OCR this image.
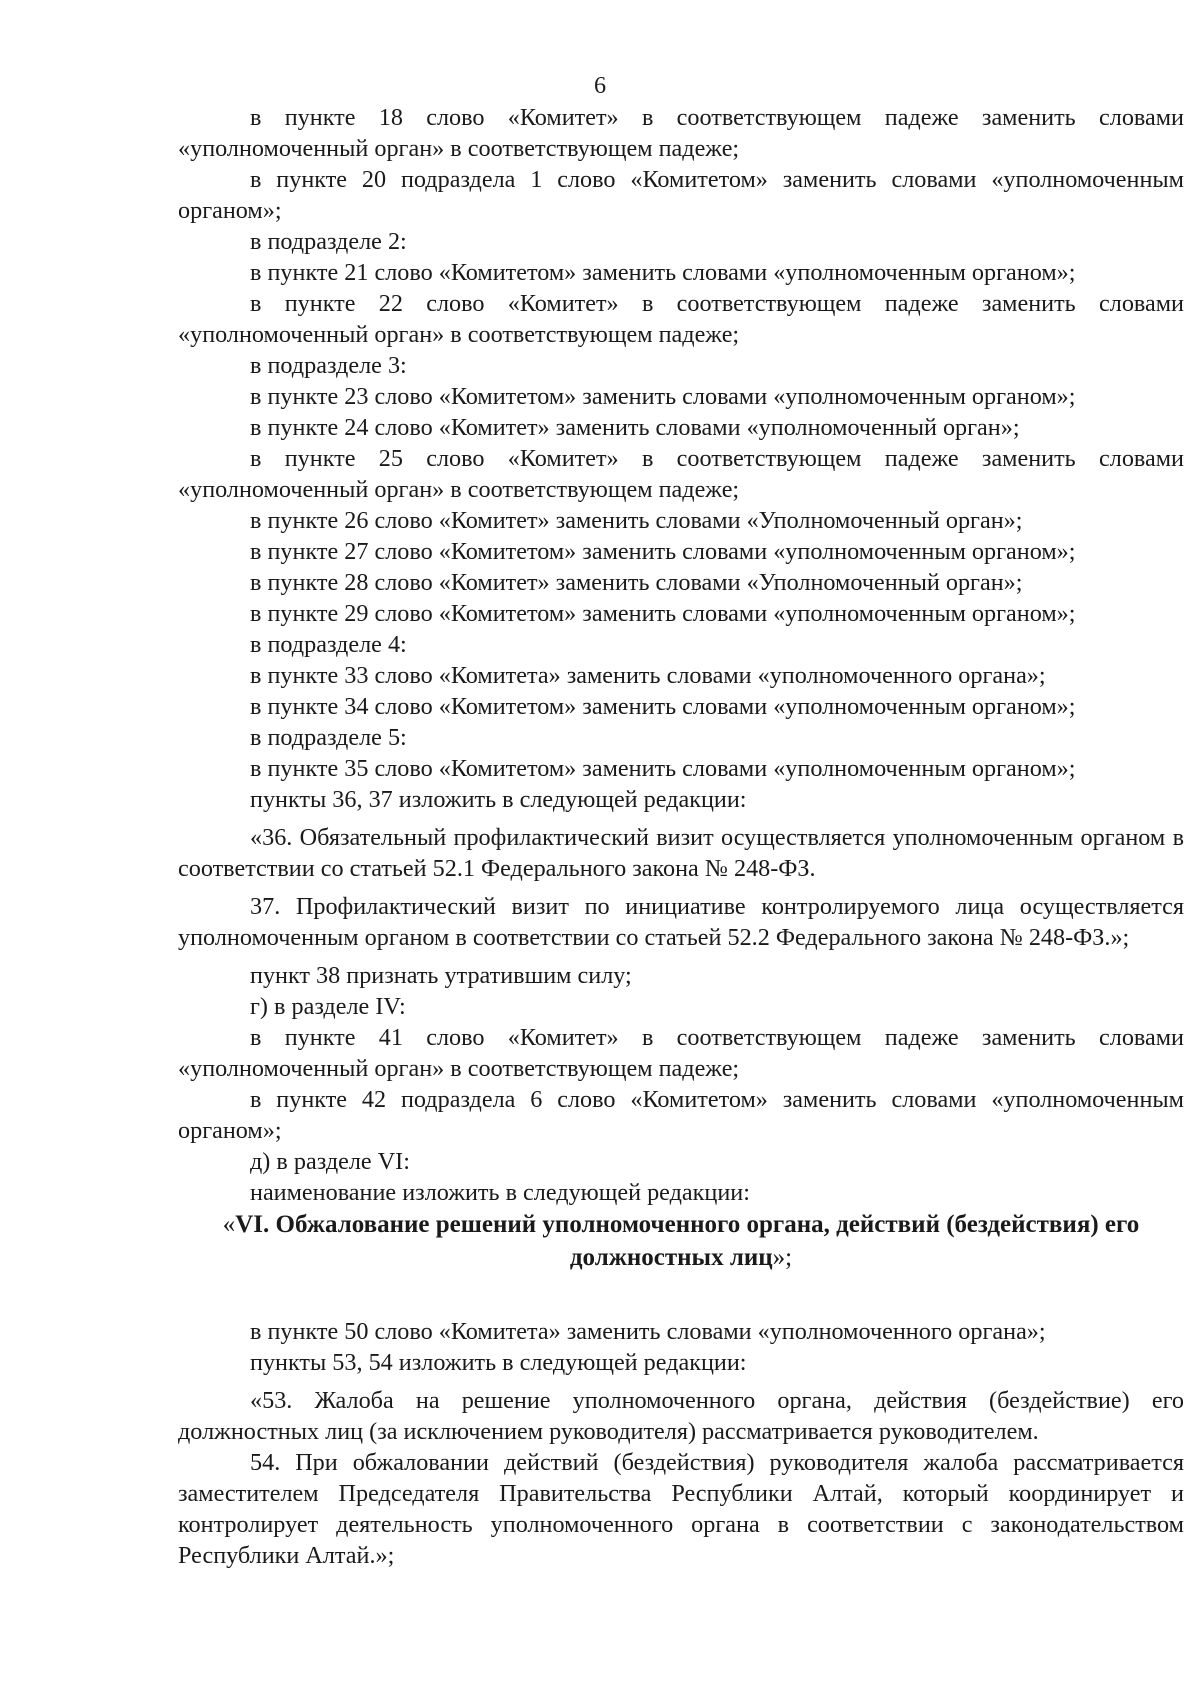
6

в пункте 18 слово «Комитет» в соответствующем падеже заменить словами «уполномоченный орган» в соответствующем падеже;

в пункте 20 подраздела 1 слово «Комитетом» заменить словами «уполномоченным органом»;

в подразделе 2:

в пункте 21 слово «Комитетом» заменить словами «уполномоченным органом»;

в пункте 22 слово «Комитет» в соответствующем падеже заменить словами «уполномоченный орган» в соответствующем падеже;

в подразделе 3:

в пункте 23 слово «Комитетом» заменить словами «уполномоченным органом»;

в пункте 24 слово «Комитет» заменить словами «уполномоченный орган»;

в пункте 25 слово «Комитет» в соответствующем падеже заменить словами «уполномоченный орган» в соответствующем падеже;

в пункте 26 слово «Комитет» заменить словами «Уполномоченный орган»;

в пункте 27 слово «Комитетом» заменить словами «уполномоченным органом»;

в пункте 28 слово «Комитет» заменить словами «Уполномоченный орган»;

в пункте 29 слово «Комитетом» заменить словами «уполномоченным органом»;

в подразделе 4:

в пункте 33 слово «Комитета» заменить словами «уполномоченного органа»;

в пункте 34 слово «Комитетом» заменить словами «уполномоченным органом»;

в подразделе 5:

в пункте 35 слово «Комитетом» заменить словами «уполномоченным органом»;

пункты 36, 37 изложить в следующей редакции:

«36. Обязательный профилактический визит осуществляется уполномоченным органом в соответствии со статьей 52.1 Федерального закона № 248-ФЗ.

37. Профилактический визит по инициативе контролируемого лица осуществляется уполномоченным органом в соответствии со статьей 52.2 Федерального закона № 248-ФЗ.»;

пункт 38 признать утратившим силу;

г) в разделе IV:

в пункте 41 слово «Комитет» в соответствующем падеже заменить словами «уполномоченный орган» в соответствующем падеже;

в пункте 42 подраздела 6 слово «Комитетом» заменить словами «уполномоченным органом»;

д) в разделе VI:

наименование изложить в следующей редакции:

«VI. Обжалование решений уполномоченного органа, действий (бездействия) его должностных лиц»;

в пункте 50 слово «Комитета» заменить словами «уполномоченного органа»;

пункты 53, 54 изложить в следующей редакции:

«53. Жалоба на решение уполномоченного органа, действия (бездействие) его должностных лиц (за исключением руководителя) рассматривается руководителем.

54. При обжаловании действий (бездействия) руководителя жалоба рассматривается заместителем Председателя Правительства Республики Алтай, который координирует и контролирует деятельность уполномоченного органа в соответствии с законодательством Республики Алтай.»;
